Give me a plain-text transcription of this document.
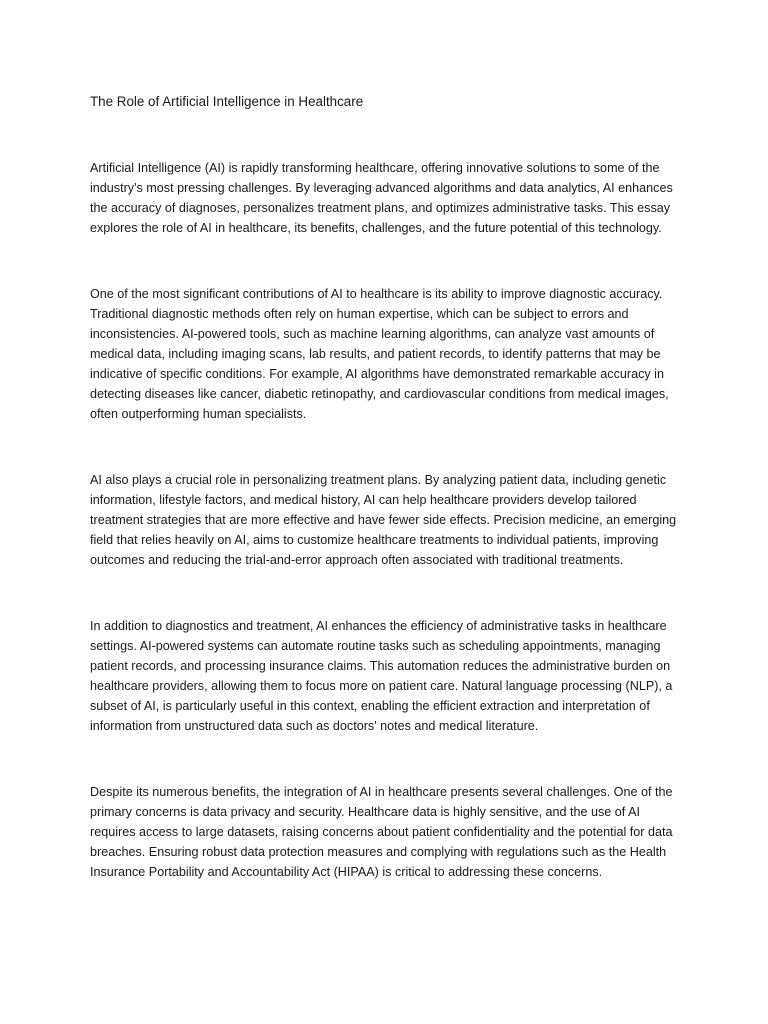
The Role of Artificial Intelligence in Healthcare

Artificial Intelligence (AI) is rapidly transforming healthcare, offering innovative solutions to some of the industry's most pressing challenges. By leveraging advanced algorithms and data analytics, AI enhances the accuracy of diagnoses, personalizes treatment plans, and optimizes administrative tasks. This essay explores the role of AI in healthcare, its benefits, challenges, and the future potential of this technology.

One of the most significant contributions of AI to healthcare is its ability to improve diagnostic accuracy. Traditional diagnostic methods often rely on human expertise, which can be subject to errors and inconsistencies. AI-powered tools, such as machine learning algorithms, can analyze vast amounts of medical data, including imaging scans, lab results, and patient records, to identify patterns that may be indicative of specific conditions. For example, AI algorithms have demonstrated remarkable accuracy in detecting diseases like cancer, diabetic retinopathy, and cardiovascular conditions from medical images, often outperforming human specialists.

AI also plays a crucial role in personalizing treatment plans. By analyzing patient data, including genetic information, lifestyle factors, and medical history, AI can help healthcare providers develop tailored treatment strategies that are more effective and have fewer side effects. Precision medicine, an emerging field that relies heavily on AI, aims to customize healthcare treatments to individual patients, improving outcomes and reducing the trial-and-error approach often associated with traditional treatments.

In addition to diagnostics and treatment, AI enhances the efficiency of administrative tasks in healthcare settings. AI-powered systems can automate routine tasks such as scheduling appointments, managing patient records, and processing insurance claims. This automation reduces the administrative burden on healthcare providers, allowing them to focus more on patient care. Natural language processing (NLP), a subset of AI, is particularly useful in this context, enabling the efficient extraction and interpretation of information from unstructured data such as doctors' notes and medical literature.

Despite its numerous benefits, the integration of AI in healthcare presents several challenges. One of the primary concerns is data privacy and security. Healthcare data is highly sensitive, and the use of AI requires access to large datasets, raising concerns about patient confidentiality and the potential for data breaches. Ensuring robust data protection measures and complying with regulations such as the Health Insurance Portability and Accountability Act (HIPAA) is critical to addressing these concerns.
